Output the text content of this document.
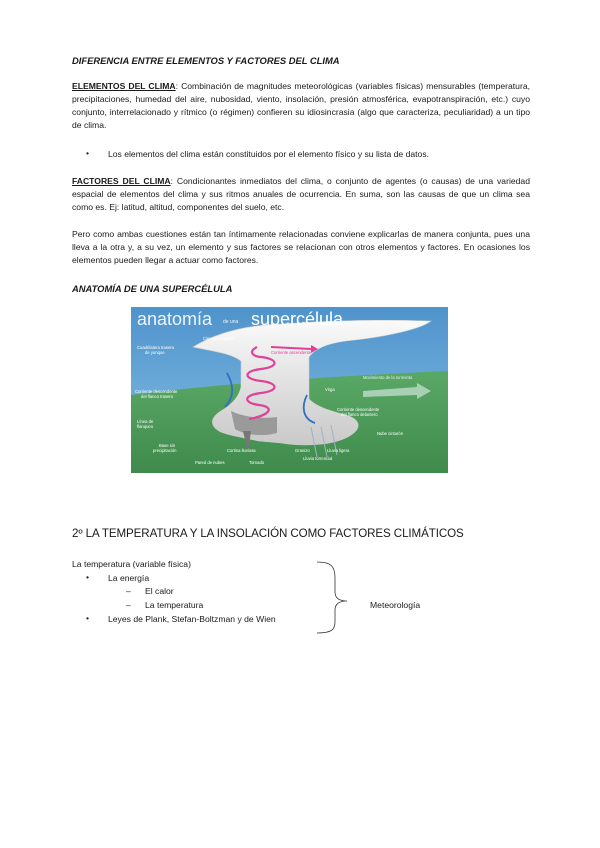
DIFERENCIA ENTRE ELEMENTOS Y FACTORES DEL CLIMA

ELEMENTOS DEL CLIMA: Combinación de magnitudes meteorológicas (variables físicas) mensurables (temperatura, precipitaciones, humedad del aire, nubosidad, viento, insolación, presión atmosférica, evapotranspiración, etc.) cuyo conjunto, interrelacionado y rítmico (o régimen) confieren su idiosincrasia (algo que caracteriza, peculiaridad) a un tipo de clima.

• Los elementos del clima están constituidos por el elemento físico y su lista de datos.

FACTORES DEL CLIMA: Condicionantes inmediatos del clima, o conjunto de agentes (o causas) de una variedad espacial de elementos del clima y sus ritmos anuales de ocurrencia. En suma, son las causas de que un clima sea como es. Ej: latitud, altitud, componentes del suelo, etc.

Pero como ambas cuestiones están tan íntimamente relacionadas conviene explicarlas de manera conjunta, pues una lleva a la otra y, a su vez, un elemento y sus factores se relacionan con otros elementos y factores. En ocasiones los elementos pueden llegar a actuar como factores.

ANATOMÍA DE UNA SUPERCÉLULA
anatomía de una supercélula	Yunque
Cima emergente
Cuadrilatera trasera
de yunque	Corriente ascendente
Movimiento de la tormenta
Corriente descendente
del flanco trasero
Virga
Corriente descendente
del flanco delantero
Línea de
flanqueo
Nube cinturón
Base sin
precipitación	Cortina lluviosa	Granizo	Lluvia ligera
Lluvia torrencial
Pared de nubes	Tornado
2º LA TEMPERATURA Y LA INSOLACIÓN COMO FACTORES CLIMÁTICOS
La temperatura (variable física)
• La energía
– El calor
– La temperatura
• Leyes de Plank, Stefan-Boltzman y de Wien
Meteorología
